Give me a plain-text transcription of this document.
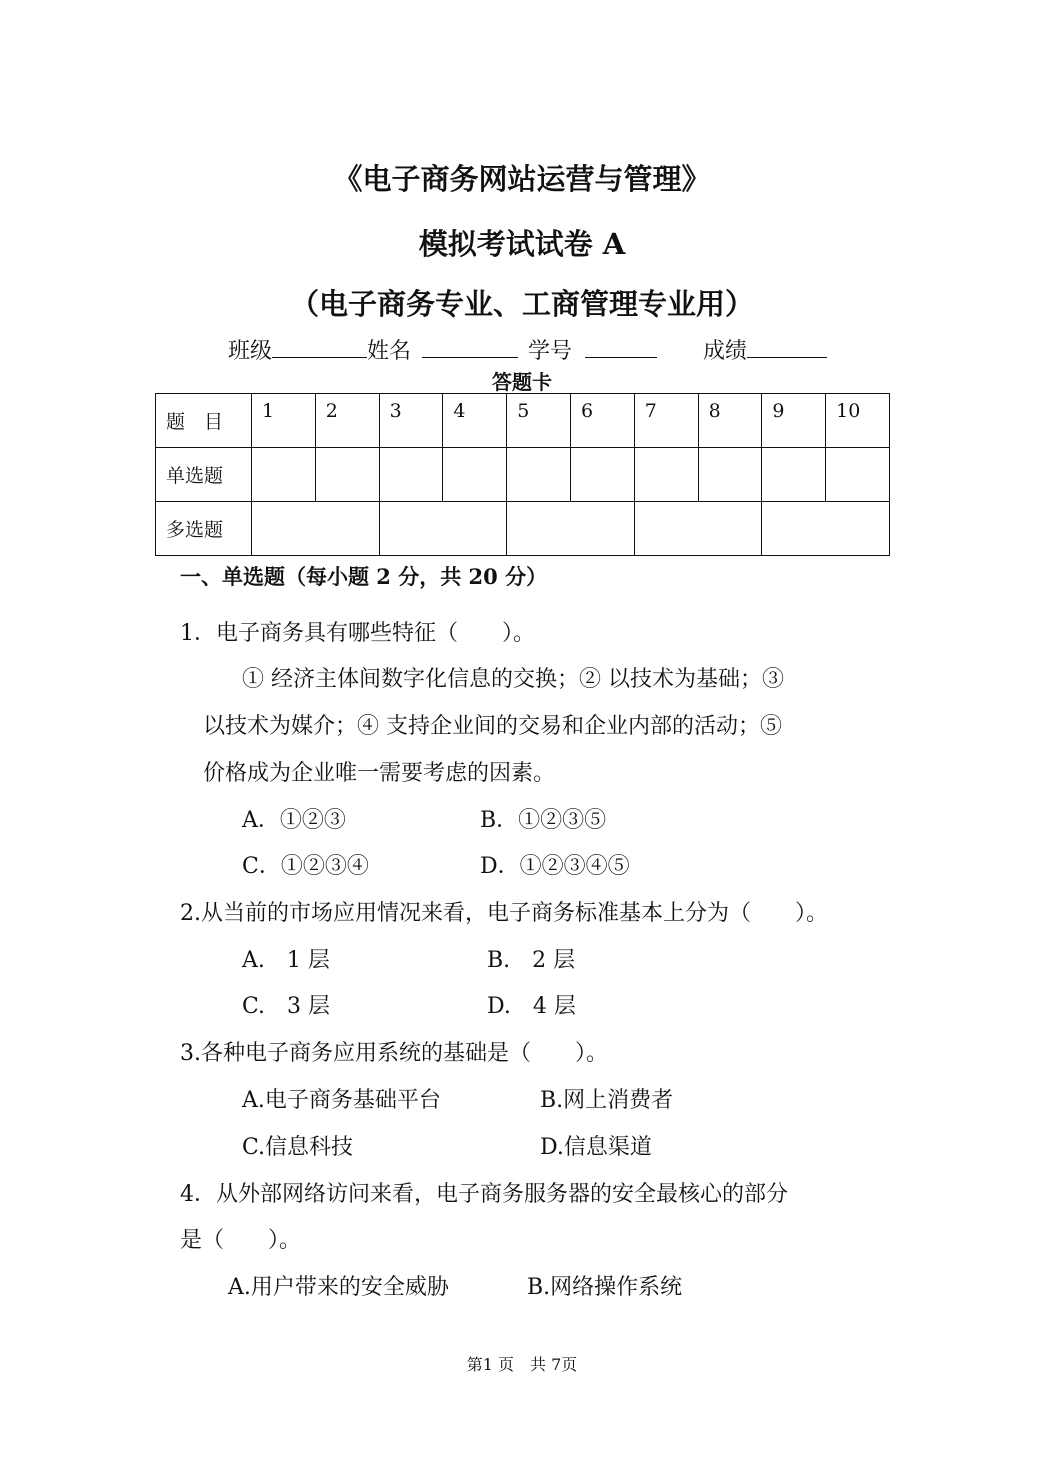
《电子商务网站运营与管理》
模拟考试试卷 A
（电子商务专业、工商管理专业用）
班级	姓名	学号	成绩
答题卡
题　目	1	2	3	4	5	6	7	8	9	10
单选题										
多选题										
一、单选题（每小题 2 分，共 20 分）
1．电子商务具有哪些特征（　　）。
① 经济主体间数字化信息的交换；② 以技术为基础；③
以技术为媒介；④ 支持企业间的交易和企业内部的活动；⑤
价格成为企业唯一需要考虑的因素。
A．①②③	B．①②③⑤
C．①②③④	D．①②③④⑤
2.从当前的市场应用情况来看，电子商务标准基本上分为（　　）。
A.　1 层	B.　2 层
C.　3 层	D.　4 层
3.各种电子商务应用系统的基础是（　　）。
A.电子商务基础平台	B.网上消费者
C.信息科技	D.信息渠道
4．从外部网络访问来看，电子商务服务器的安全最核心的部分
是（　　）。
A.用户带来的安全威胁	B.网络操作系统
第1 页　共 7页
